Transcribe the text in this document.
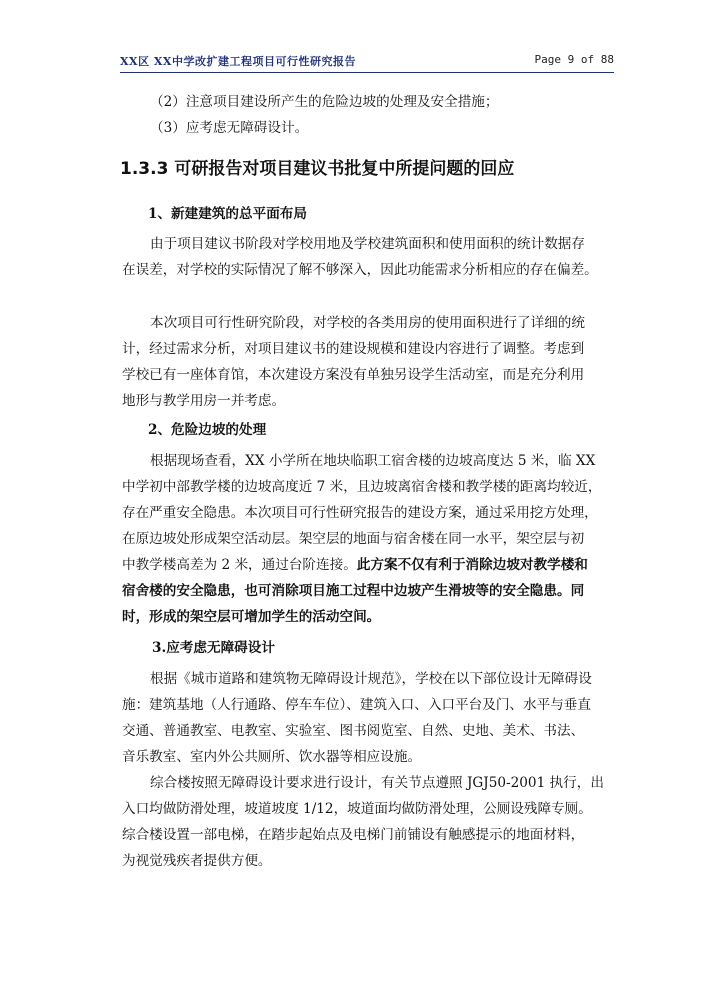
XX区 XX中学改扩建工程项目可行性研究报告	Page 9 of 88
（2）注意项目建设所产生的危险边坡的处理及安全措施；
（3）应考虑无障碍设计。
1.3.3 可研报告对项目建议书批复中所提问题的回应
1、新建建筑的总平面布局
由于项目建议书阶段对学校用地及学校建筑面积和使用面积的统计数据存
在误差，对学校的实际情况了解不够深入，因此功能需求分析相应的存在偏差。
本次项目可行性研究阶段，对学校的各类用房的使用面积进行了详细的统
计，经过需求分析，对项目建议书的建设规模和建设内容进行了调整。考虑到
学校已有一座体育馆，本次建设方案没有单独另设学生活动室，而是充分利用
地形与教学用房一并考虑。
2、危险边坡的处理
根据现场查看，XX 小学所在地块临职工宿舍楼的边坡高度达 5 米，临 XX
中学初中部教学楼的边坡高度近 7 米，且边坡离宿舍楼和教学楼的距离均较近，
存在严重安全隐患。本次项目可行性研究报告的建设方案，通过采用挖方处理，
在原边坡处形成架空活动层。架空层的地面与宿舍楼在同一水平，架空层与初
中教学楼高差为 2 米，通过台阶连接。此方案不仅有利于消除边坡对教学楼和
宿舍楼的安全隐患，也可消除项目施工过程中边坡产生滑坡等的安全隐患。同
时，形成的架空层可增加学生的活动空间。
3.应考虑无障碍设计
根据《城市道路和建筑物无障碍设计规范》，学校在以下部位设计无障碍设
施：建筑基地（人行通路、停车车位）、建筑入口、入口平台及门、水平与垂直
交通、普通教室、电教室、实验室、图书阅览室、自然、史地、美术、书法、
音乐教室、室内外公共厕所、饮水器等相应设施。
综合楼按照无障碍设计要求进行设计，有关节点遵照 JGJ50-2001 执行，出
入口均做防滑处理，坡道坡度 1/12，坡道面均做防滑处理，公厕设残障专厕。
综合楼设置一部电梯，在踏步起始点及电梯门前铺设有触感提示的地面材料，
为视觉残疾者提供方便。
